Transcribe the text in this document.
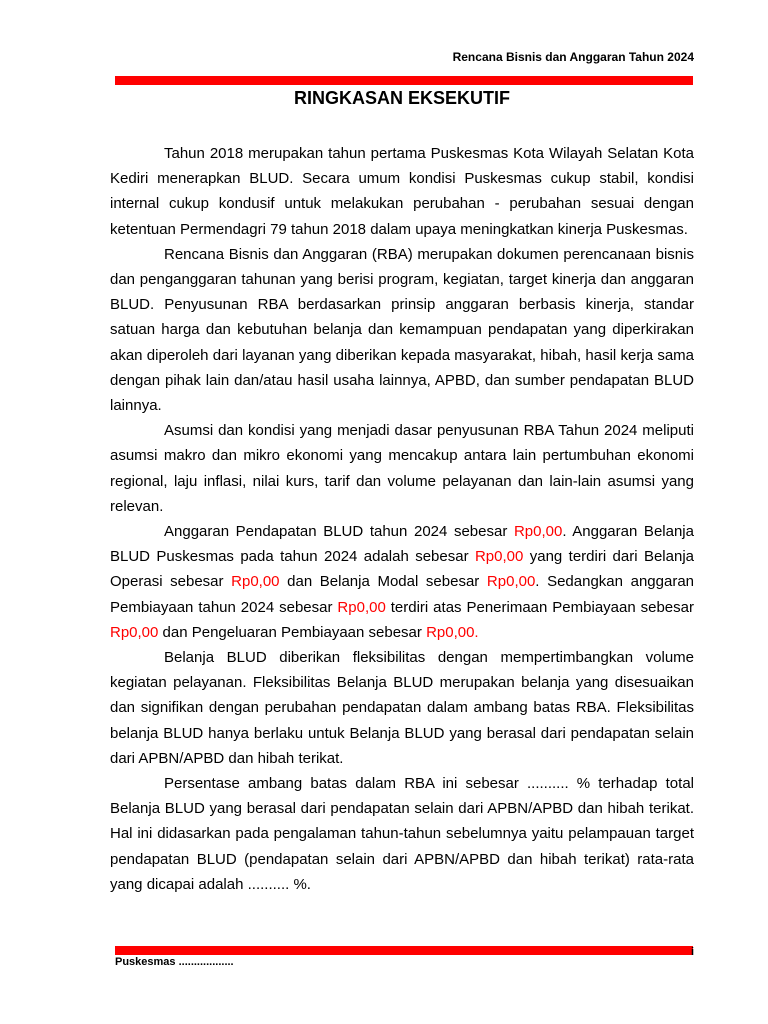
Rencana Bisnis dan Anggaran Tahun 2024
RINGKASAN EKSEKUTIF

Tahun 2018 merupakan tahun pertama Puskesmas Kota Wilayah Selatan Kota Kediri menerapkan BLUD. Secara umum kondisi Puskesmas cukup stabil, kondisi internal cukup kondusif untuk melakukan perubahan - perubahan sesuai dengan ketentuan Permendagri 79 tahun 2018 dalam upaya meningkatkan kinerja Puskesmas.

Rencana Bisnis dan Anggaran (RBA) merupakan dokumen perencanaan bisnis dan penganggaran tahunan yang berisi program, kegiatan, target kinerja dan anggaran BLUD. Penyusunan RBA berdasarkan prinsip anggaran berbasis kinerja, standar satuan harga dan kebutuhan belanja dan kemampuan pendapatan yang diperkirakan akan diperoleh dari layanan yang diberikan kepada masyarakat, hibah, hasil kerja sama dengan pihak lain dan/atau hasil usaha lainnya, APBD, dan sumber pendapatan BLUD lainnya.

Asumsi dan kondisi yang menjadi dasar penyusunan RBA Tahun 2024 meliputi asumsi makro dan mikro ekonomi yang mencakup antara lain pertumbuhan ekonomi regional, laju inflasi, nilai kurs, tarif dan volume pelayanan dan lain-lain asumsi yang relevan.

Anggaran Pendapatan BLUD tahun 2024 sebesar Rp0,00. Anggaran Belanja BLUD Puskesmas pada tahun 2024 adalah sebesar Rp0,00 yang terdiri dari Belanja Operasi sebesar Rp0,00 dan Belanja Modal sebesar Rp0,00. Sedangkan anggaran Pembiayaan tahun 2024 sebesar Rp0,00 terdiri atas Penerimaan Pembiayaan sebesar Rp0,00 dan Pengeluaran Pembiayaan sebesar Rp0,00.

Belanja BLUD diberikan fleksibilitas dengan mempertimbangkan volume kegiatan pelayanan. Fleksibilitas Belanja BLUD merupakan belanja yang disesuaikan dan signifikan dengan perubahan pendapatan dalam ambang batas RBA. Fleksibilitas belanja BLUD hanya berlaku untuk Belanja BLUD yang berasal dari pendapatan selain dari APBN/APBD dan hibah terikat.

Persentase ambang batas dalam RBA ini sebesar .......... % terhadap total Belanja BLUD yang berasal dari pendapatan selain dari APBN/APBD dan hibah terikat. Hal ini didasarkan pada pengalaman tahun-tahun sebelumnya yaitu pelampauan target pendapatan BLUD (pendapatan selain dari APBN/APBD dan hibah terikat) rata-rata yang dicapai adalah .......... %.

Puskesmas ..................
i
